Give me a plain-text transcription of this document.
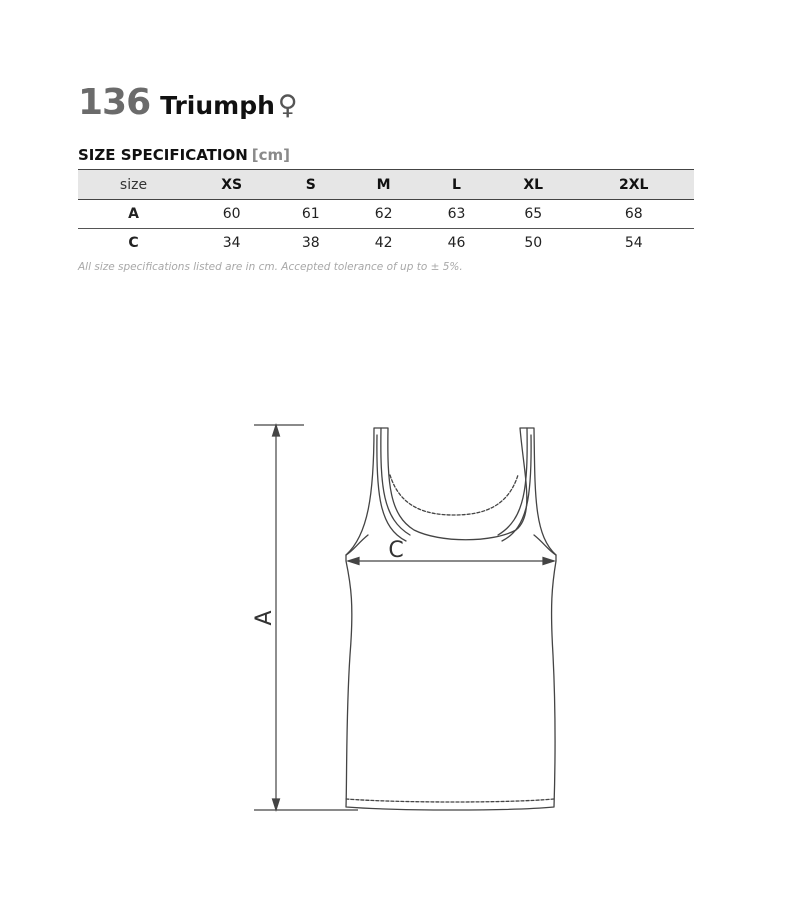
136 Triumph ♀
SIZE SPECIFICATION [cm]
size	XS	S	M	L	XL	2XL
A	60	61	62	63	65	68
C	34	38	42	46	50	54
All size specifications listed are in cm. Accepted tolerance of up to ± 5%.
A
C
